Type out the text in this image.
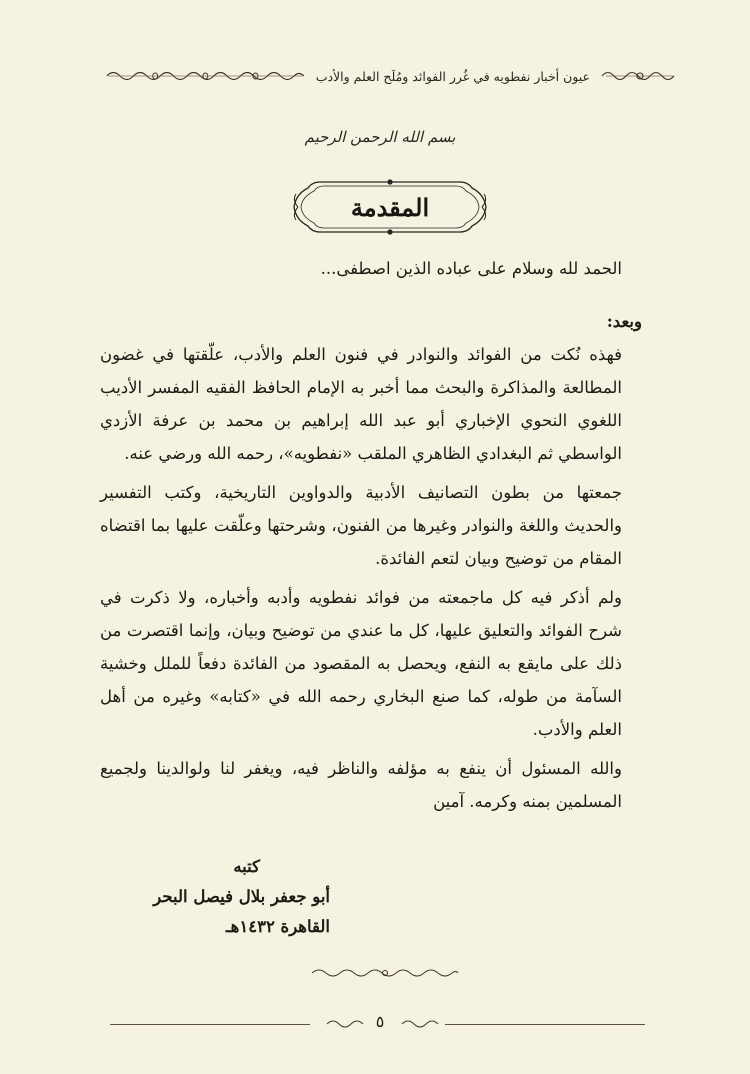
عيون أخبار نفطويه في غُرر الفوائد ومُلَح العلم والأدب
بسم الله الرحمن الرحيم
المقدمة

الحمد لله وسلام على عباده الذين اصطفى...

وبعد:

فهذه نُكت من الفوائد والنوادر في فنون العلم والأدب، علّقتها في غضون المطالعة والمذاكرة والبحث مما أخبر به الإمام الحافظ الفقيه المفسر الأديب اللغوي النحوي الإخباري أبو عبد الله إبراهيم بن محمد بن عرفة الأزدي الواسطي ثم البغدادي الظاهري الملقب «نفطويه»، رحمه الله ورضي عنه.

جمعتها من بطون التصانيف الأدبية والدواوين التاريخية، وكتب التفسير والحديث واللغة والنوادر وغيرها من الفنون، وشرحتها وعلّقت عليها بما اقتضاه المقام من توضيح وبيان لتعم الفائدة.

ولم أذكر فيه كل ماجمعته من فوائد نفطويه وأدبه وأخباره، ولا ذكرت في شرح الفوائد والتعليق عليها، كل ما عندي من توضيح وبيان، وإنما اقتصرت من ذلك على مايقع به النفع، ويحصل به المقصود من الفائدة دفعاً للملل وخشية السآمة من طوله، كما صنع البخاري رحمه الله في «كتابه» وغيره من أهل العلم والأدب.

والله المسئول أن ينفع به مؤلفه والناظر فيه، ويغفر لنا ولوالدينا ولجميع المسلمين بمنه وكرمه. آمين

كتبه
أبو جعفر بلال فيصل البحر
القاهرة ١٤٣٢هـ
٥
